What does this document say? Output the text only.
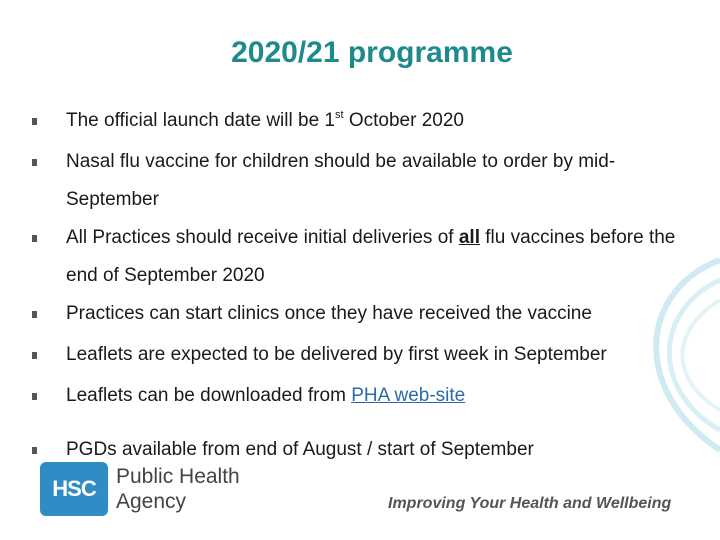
2020/21 programme
The official launch date will be 1st October 2020
Nasal flu vaccine for children should be available to order by mid-September
All Practices should receive initial deliveries of all flu vaccines before the end of September 2020
Practices can start clinics once they have received the vaccine
Leaflets are expected to be delivered by first week in September
Leaflets can be downloaded from PHA web-site
PGDs available from end of August / start of September
HSC Public Health
Agency	Improving Your Health and Wellbeing
